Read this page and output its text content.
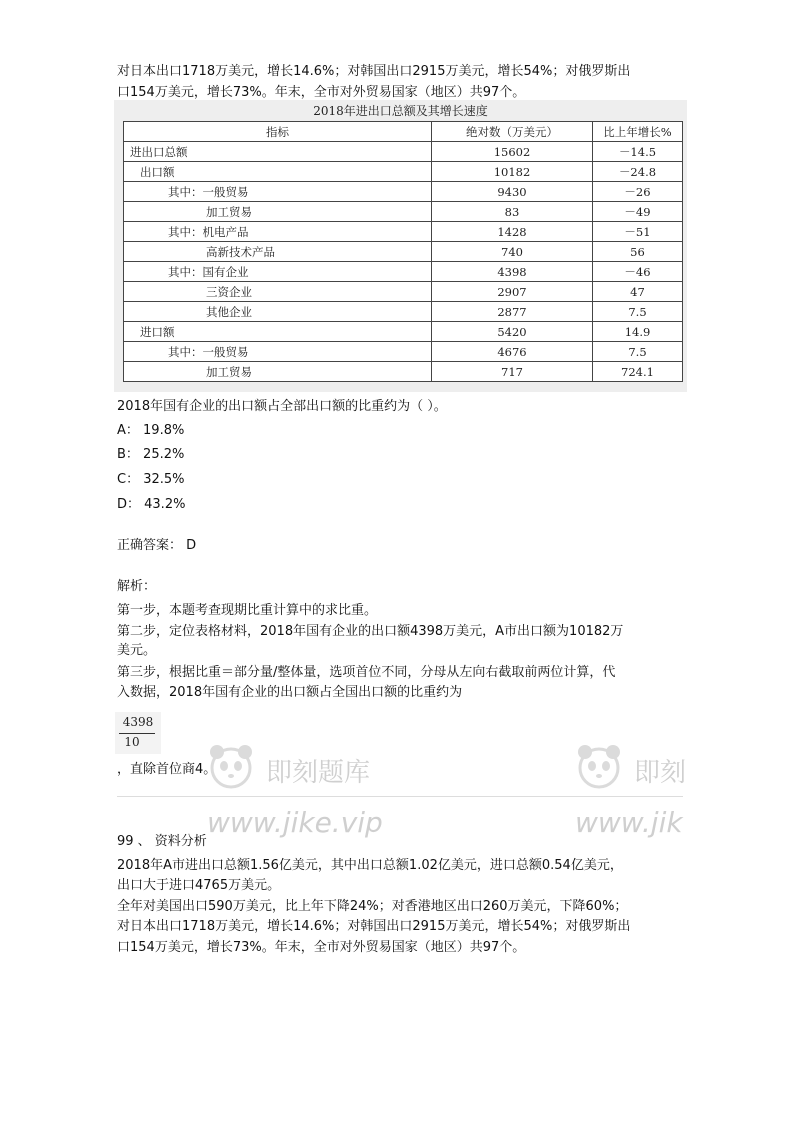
对日本出口1718万美元，增长14.6%；对韩国出口2915万美元，增长54%；对俄罗斯出
口154万美元，增长73%。年末，全市对外贸易国家（地区）共97个。
2018年进出口总额及其增长速度
指标	绝对数（万美元）	比上年增长%
进出口总额	15602	－14.5
出口额	10182	－24.8
其中：一般贸易	9430	－26
加工贸易	83	－49
其中：机电产品	1428	－51
高新技术产品	740	56
其中：国有企业	4398	－46
三资企业	2907	47
其他企业	2877	7.5
进口额	5420	14.9
其中：一般贸易	4676	7.5
加工贸易	717	724.1
2018年国有企业的出口额占全部出口额的比重约为（ ）。
A： 19.8%
B： 25.2%
C： 32.5%
D： 43.2%
正确答案： D
解析：
第一步，本题考查现期比重计算中的求比重。
第二步，定位表格材料，2018年国有企业的出口额4398万美元，A市出口额为10182万
美元。
第三步，根据比重＝部分量/整体量，选项首位不同，分母从左向右截取前两位计算，代
入数据，2018年国有企业的出口额占全国出口额的比重约为
4398
10
，直除首位商4。
99 、 资料分析
2018年A市进出口总额1.56亿美元，其中出口总额1.02亿美元，进口总额0.54亿美元，
出口大于进口4765万美元。
全年对美国出口590万美元，比上年下降24%；对香港地区出口260万美元，下降60%；
对日本出口1718万美元，增长14.6%；对韩国出口2915万美元，增长54%；对俄罗斯出
口154万美元，增长73%。年末，全市对外贸易国家（地区）共97个。
即刻题库
www.jike.vip
即刻
www.jik
